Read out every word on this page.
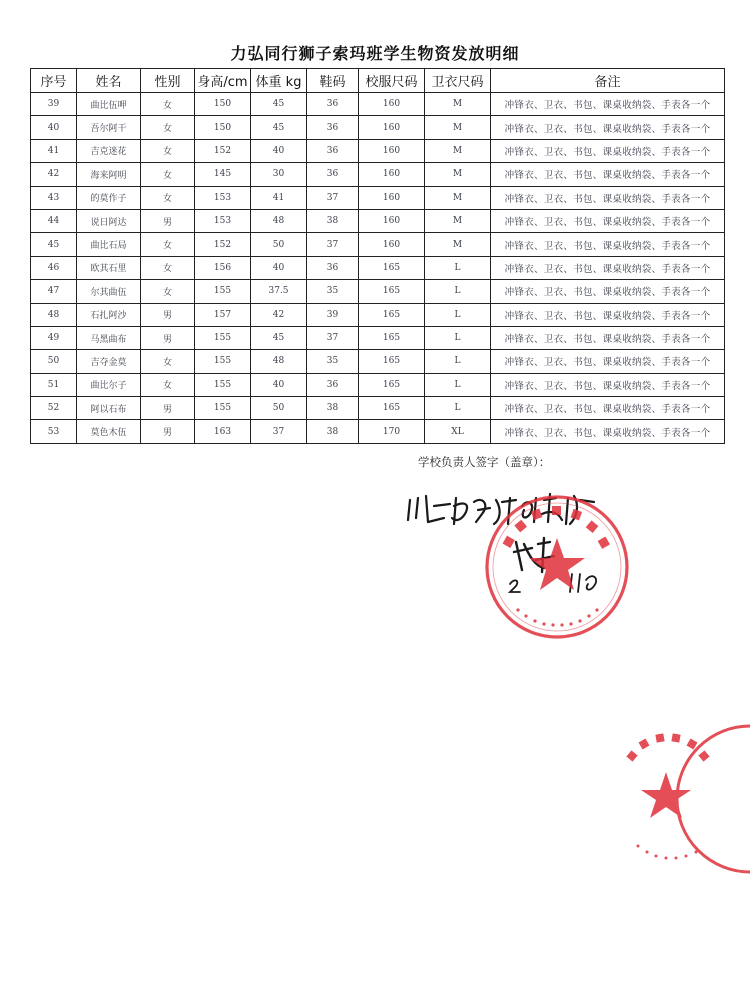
力弘同行狮子索玛班学生物资发放明细
序号	姓名	性别	身高/cm	体重 kg	鞋码	校服尺码	卫衣尺码	备注
39	曲比伍呷	女	150	45	36	160	M	冲锋衣、卫衣、书包、课桌收纳袋、手表各一个
40	吾尔阿干	女	150	45	36	160	M	冲锋衣、卫衣、书包、课桌收纳袋、手表各一个
41	吉克迷花	女	152	40	36	160	M	冲锋衣、卫衣、书包、课桌收纳袋、手表各一个
42	海来阿明	女	145	30	36	160	M	冲锋衣、卫衣、书包、课桌收纳袋、手表各一个
43	的莫作子	女	153	41	37	160	M	冲锋衣、卫衣、书包、课桌收纳袋、手表各一个
44	说日阿达	男	153	48	38	160	M	冲锋衣、卫衣、书包、课桌收纳袋、手表各一个
45	曲比石局	女	152	50	37	160	M	冲锋衣、卫衣、书包、课桌收纳袋、手表各一个
46	欧其石里	女	156	40	36	165	L	冲锋衣、卫衣、书包、课桌收纳袋、手表各一个
47	尔其曲伍	女	155	37.5	35	165	L	冲锋衣、卫衣、书包、课桌收纳袋、手表各一个
48	石扎阿沙	男	157	42	39	165	L	冲锋衣、卫衣、书包、课桌收纳袋、手表各一个
49	马黑曲布	男	155	45	37	165	L	冲锋衣、卫衣、书包、课桌收纳袋、手表各一个
50	吉夺金莫	女	155	48	35	165	L	冲锋衣、卫衣、书包、课桌收纳袋、手表各一个
51	曲比尔子	女	155	40	36	165	L	冲锋衣、卫衣、书包、课桌收纳袋、手表各一个
52	阿以石布	男	155	50	38	165	L	冲锋衣、卫衣、书包、课桌收纳袋、手表各一个
53	莫色木伍	男	163	37	38	170	XL	冲锋衣、卫衣、书包、课桌收纳袋、手表各一个
学校负责人签字（盖章）：
